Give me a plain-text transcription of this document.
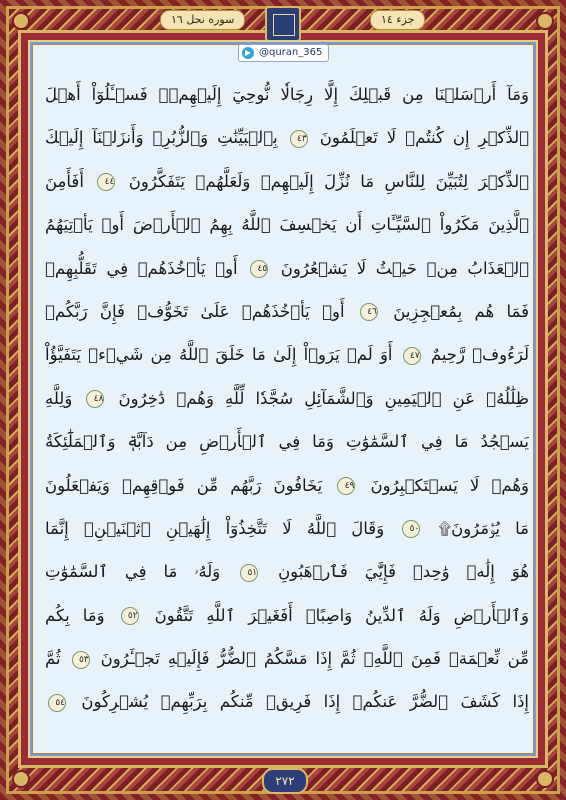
سوره نحل ١٦	جزء ١٤
وَمَآ أَرۡسَلۡنَا مِن قَبۡلِكَ إِلَّا رِجَالٗا نُّوحِيٓ إِلَيۡهِمۡۖ فَسۡـَٔلُوٓاْ أَهۡلَ
ٱلذِّكۡرِ إِن كُنتُمۡ لَا تَعۡلَمُونَ ٤٣ بِٱلۡبَيِّنَٰتِ وَٱلزُّبُرِۗ وَأَنزَلۡنَآ إِلَيۡكَ
ٱلذِّكۡرَ لِتُبَيِّنَ لِلنَّاسِ مَا نُزِّلَ إِلَيۡهِمۡ وَلَعَلَّهُمۡ يَتَفَكَّرُونَ ٤٤ أَفَأَمِنَ
ٱلَّذِينَ مَكَرُواْ ٱلسَّيِّـَٔاتِ أَن يَخۡسِفَ ٱللَّهُ بِهِمُ ٱلۡأَرۡضَ أَوۡ يَأۡتِيَهُمُ
ٱلۡعَذَابُ مِنۡ حَيۡثُ لَا يَشۡعُرُونَ ٤٥ أَوۡ يَأۡخُذَهُمۡ فِي تَقَلُّبِهِمۡ
فَمَا هُم بِمُعۡجِزِينَ ٤٦ أَوۡ يَأۡخُذَهُمۡ عَلَىٰ تَخَوُّفٖ فَإِنَّ رَبَّكُمۡ
لَرَءُوفٞ رَّحِيمٌ ٤٧ أَوَ لَمۡ يَرَوۡاْ إِلَىٰ مَا خَلَقَ ٱللَّهُ مِن شَيۡءٖ يَتَفَيَّؤُاْ
ظِلَٰلُهُۥ عَنِ ٱلۡيَمِينِ وَٱلشَّمَآئِلِ سُجَّدٗا لِّلَّهِ وَهُمۡ دَٰخِرُونَ ٤٨ وَلِلَّهِ
يَسۡجُدُ مَا فِي ٱلسَّمَٰوَٰتِ وَمَا فِي ٱلۡأَرۡضِ مِن دَآبَّةٖ وَٱلۡمَلَٰٓئِكَةُ
وَهُمۡ لَا يَسۡتَكۡبِرُونَ ٤٩ يَخَافُونَ رَبَّهُم مِّن فَوۡقِهِمۡ وَيَفۡعَلُونَ
مَا يُؤۡمَرُونَ۩ ٥٠ وَقَالَ ٱللَّهُ لَا تَتَّخِذُوٓاْ إِلَٰهَيۡنِ ٱثۡنَيۡنِۖ إِنَّمَا
هُوَ إِلَٰهٞ وَٰحِدٞ فَإِيَّٰيَ فَٱرۡهَبُونِ ٥١ وَلَهُۥ مَا فِي ٱلسَّمَٰوَٰتِ
وَٱلۡأَرۡضِ وَلَهُ ٱلدِّينُ وَاصِبًاۚ أَفَغَيۡرَ ٱللَّهِ تَتَّقُونَ ٥٢ وَمَا بِكُم
مِّن نِّعۡمَةٖ فَمِنَ ٱللَّهِۖ ثُمَّ إِذَا مَسَّكُمُ ٱلضُّرُّ فَإِلَيۡهِ تَجۡـَٔرُونَ ٥٣ ثُمَّ
إِذَا كَشَفَ ٱلضُّرَّ عَنكُمۡ إِذَا فَرِيقٞ مِّنكُم بِرَبِّهِمۡ يُشۡرِكُونَ ٥٤
@quran_365
٢٧٢
